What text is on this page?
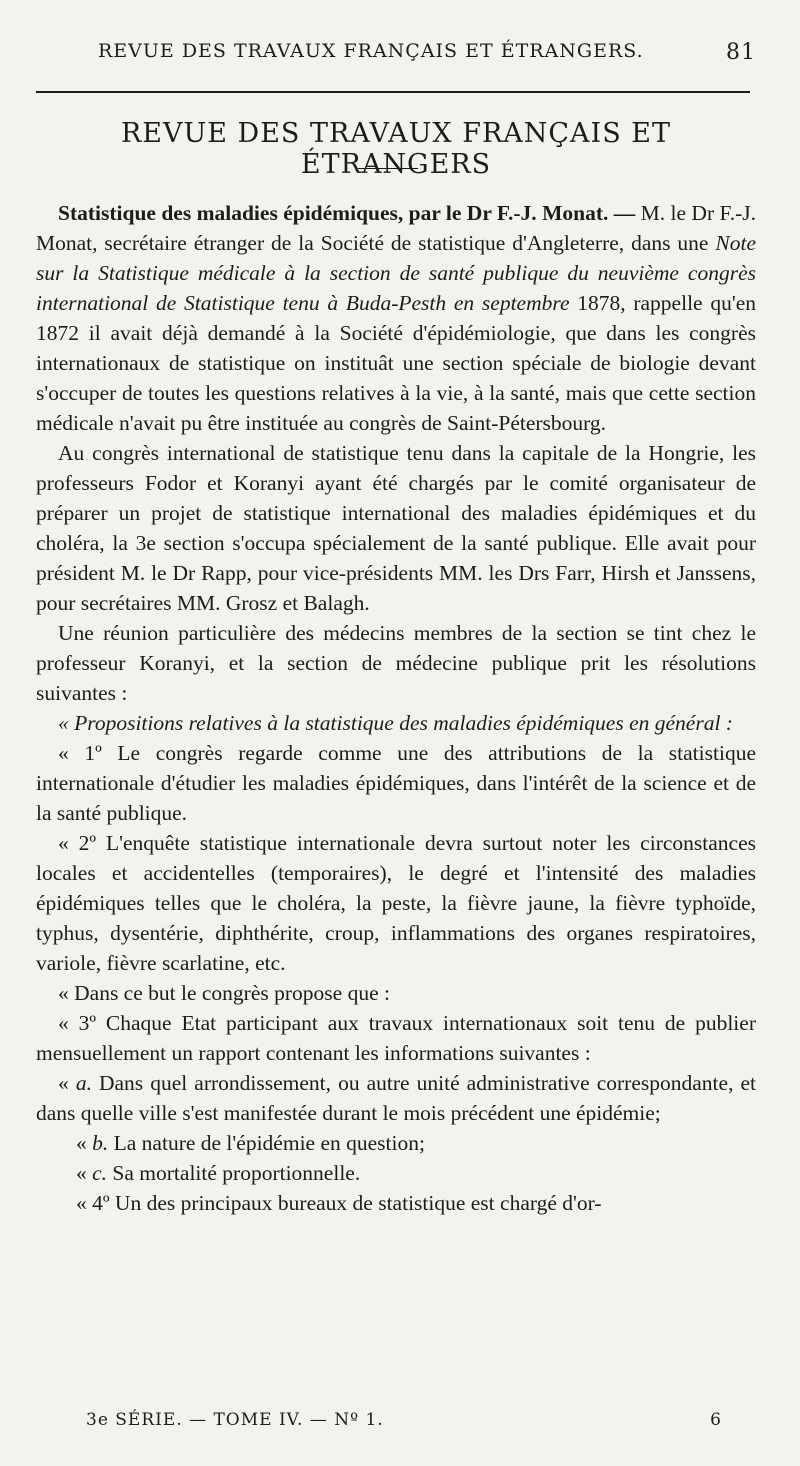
REVUE DES TRAVAUX FRANÇAIS ET ÉTRANGERS.	81
REVUE DES TRAVAUX FRANÇAIS ET ÉTRANGERS

Statistique des maladies épidémiques, par le Dr F.-J. Monat. — M. le Dr F.-J. Monat, secrétaire étranger de la Société de statistique d'Angleterre, dans une Note sur la Statistique médicale à la section de santé publique du neuvième congrès international de Statistique tenu à Buda-Pesth en septembre 1878, rappelle qu'en 1872 il avait déjà demandé à la Société d'épidémiologie, que dans les congrès internationaux de statistique on instituât une section spéciale de biologie devant s'occuper de toutes les questions relatives à la vie, à la santé, mais que cette section médicale n'avait pu être instituée au congrès de Saint-Pétersbourg.

Au congrès international de statistique tenu dans la capitale de la Hongrie, les professeurs Fodor et Koranyi ayant été chargés par le comité organisateur de préparer un projet de statistique international des maladies épidémiques et du choléra, la 3e section s'occupa spécialement de la santé publique. Elle avait pour président M. le Dr Rapp, pour vice-présidents MM. les Drs Farr, Hirsh et Janssens, pour secrétaires MM. Grosz et Balagh.

Une réunion particulière des médecins membres de la section se tint chez le professeur Koranyi, et la section de médecine publique prit les résolutions suivantes :

« Propositions relatives à la statistique des maladies épidémiques en général :

« 1º Le congrès regarde comme une des attributions de la statistique internationale d'étudier les maladies épidémiques, dans l'intérêt de la science et de la santé publique.

« 2º L'enquête statistique internationale devra surtout noter les circonstances locales et accidentelles (temporaires), le degré et l'intensité des maladies épidémiques telles que le choléra, la peste, la fièvre jaune, la fièvre typhoïde, typhus, dysentérie, diphthérite, croup, inflammations des organes respiratoires, variole, fièvre scarlatine, etc.

« Dans ce but le congrès propose que :

« 3º Chaque Etat participant aux travaux internationaux soit tenu de publier mensuellement un rapport contenant les informations suivantes :

« a. Dans quel arrondissement, ou autre unité administrative correspondante, et dans quelle ville s'est manifestée durant le mois précédent une épidémie;

« b. La nature de l'épidémie en question;

« c. Sa mortalité proportionnelle.

« 4º Un des principaux bureaux de statistique est chargé d'or-

3e SÉRIE. — TOME IV. — Nº 1.	6
